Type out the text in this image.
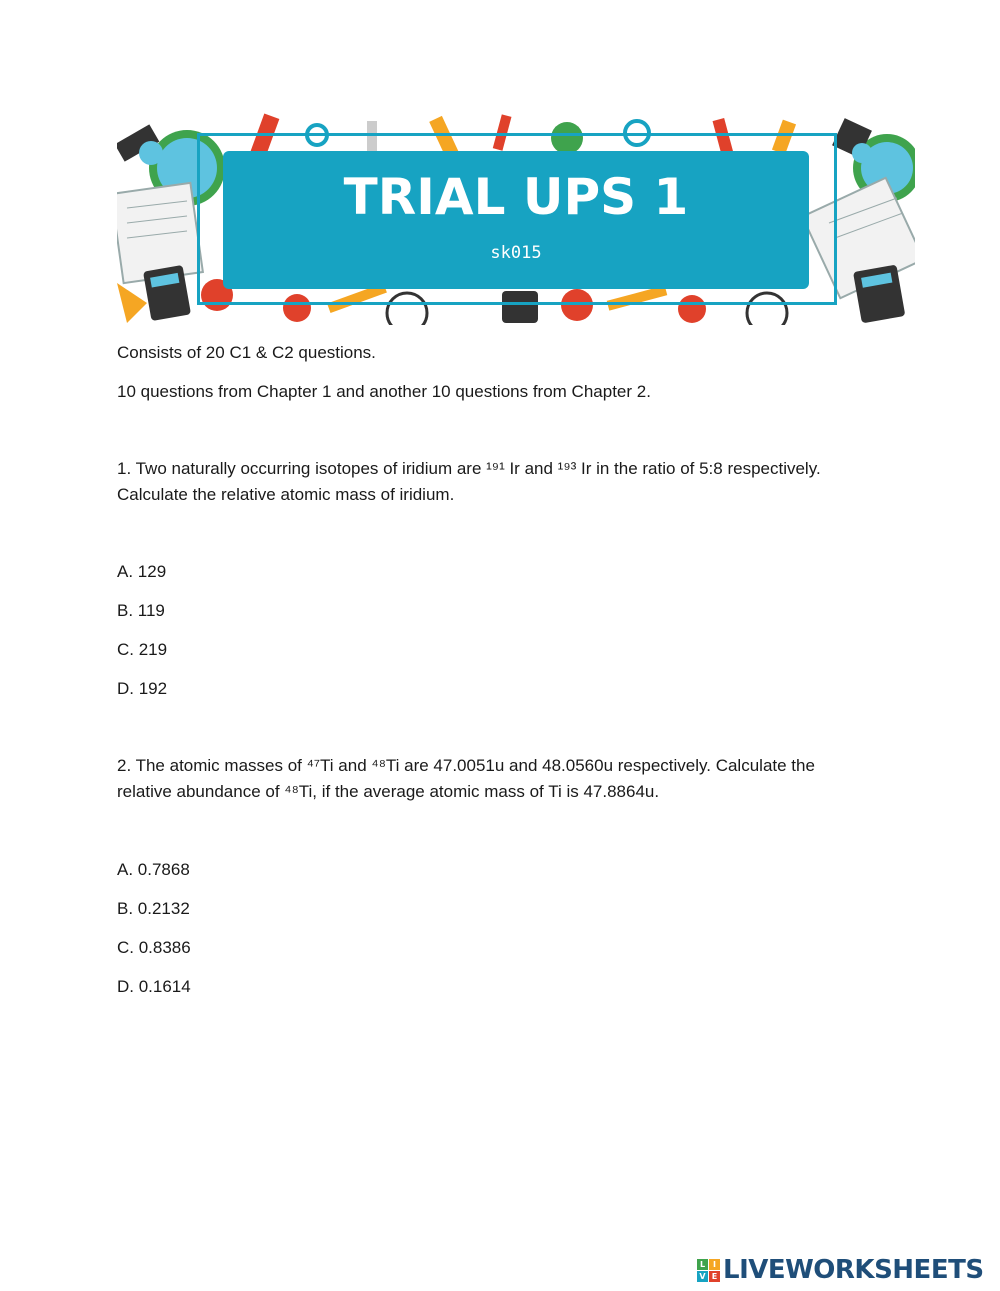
TRIAL UPS 1
sk015
Consists of 20 C1 & C2 questions.
10 questions from Chapter 1 and another 10 questions from Chapter 2.
1. Two naturally occurring isotopes of iridium are ¹⁹¹ Ir and ¹⁹³ Ir in the ratio of 5:8 respectively.
Calculate the relative atomic mass of iridium.
A. 129
B. 119
C. 219
D. 192
2. The atomic masses of ⁴⁷Ti and ⁴⁸Ti are 47.0051u and 48.0560u respectively. Calculate the
relative abundance of ⁴⁸Ti, if the average atomic mass of Ti is 47.8864u.
A. 0.7868
B. 0.2132
C. 0.8386
D. 0.1614
L I
V E LIVEWORKSHEETS
